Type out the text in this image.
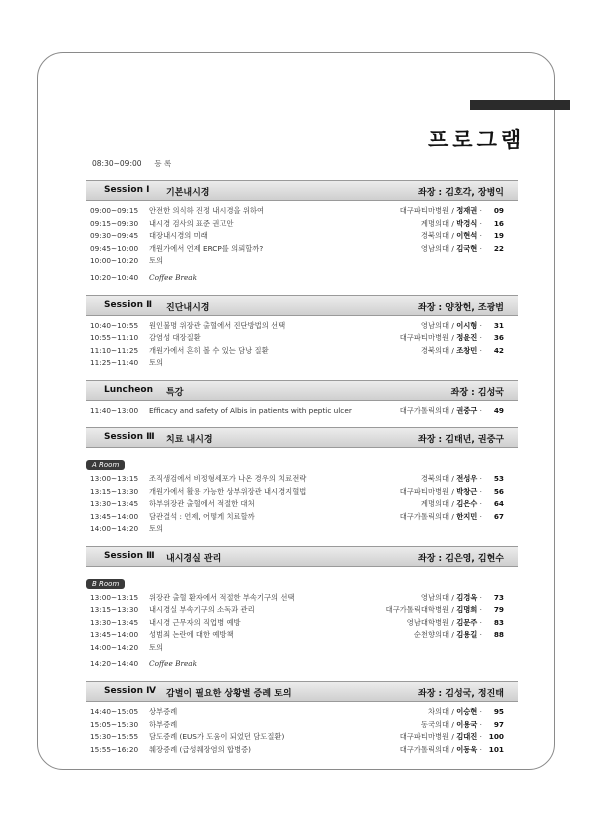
프로그램
08:30~09:00 등 록
Session Ⅰ 기본내시경	좌장 : 김호각, 장병익
09:00~09:15 안전한 의식하 진정 내시경을 위하여	대구파티마병원 / 정재권 · 09
09:15~09:30 내시경 검사의 표준 권고안	계명의대 / 박경식 · 16
09:30~09:45 대장내시경의 미래	경북의대 / 이현석 · 19
09:45~10:00 개원가에서 언제 ERCP를 의뢰할까?	영남의대 / 김국현 · 22
10:00~10:20 토의
10:20~10:40 Coffee Break
Session Ⅱ 진단내시경	좌장 : 양창헌, 조광범
10:40~10:55 원인불명 위장관 출혈에서 진단방법의 선택	영남의대 / 이시형 · 31
10:55~11:10 감염성 대장질환	대구파티마병원 / 정윤진 · 36
11:10~11:25 개원가에서 흔히 볼 수 있는 담낭 질환	경북의대 / 조창민 · 42
11:25~11:40 토의
Luncheon 특강	좌장 : 김성국
11:40~13:00 Efficacy and safety of Albis in patients with peptic ulcer	대구가톨릭의대 / 권중구 · 49
Session Ⅲ 치료 내시경	좌장 : 김태년, 권중구
A Room
13:00~13:15 조직생검에서 비정형세포가 나온 경우의 치료전략	경북의대 / 전성우 · 53
13:15~13:30 개원가에서 활용 가능한 상부위장관 내시경지혈법	대구파티마병원 / 박창근 · 56
13:30~13:45 하부위장관 출혈에서 적절한 대처	계명의대 / 김은수 · 64
13:45~14:00 담관결석 : 언제, 어떻게 치료할까	대구가톨릭의대 / 한지민 · 67
14:00~14:20 토의
Session Ⅲ 내시경실 관리	좌장 : 김은영, 김현수
B Room
13:00~13:15 위장관 출혈 환자에서 적절한 부속기구의 선택	영남의대 / 김경옥 · 73
13:15~13:30 내시경실 부속기구의 소독과 관리	대구가톨릭대학병원 / 김명희 · 79
13:30~13:45 내시경 근무자의 직업병 예방	영남대학병원 / 김문주 · 83
13:45~14:00 성범죄 논란에 대한 예방책	순천향의대 / 김용길 · 88
14:00~14:20 토의
14:20~14:40 Coffee Break
Session Ⅳ 감별이 필요한 상황별 증례 토의	좌장 : 김성국, 정진태
14:40~15:05 상부증례	차의대 / 이승현 · 95
15:05~15:30 하부증례	동국의대 / 이용국 · 97
15:30~15:55 담도증례 (EUS가 도움이 되었던 담도질환)	대구파티마병원 / 김대진 · 100
15:55~16:20 췌장증례 (급성췌장염의 합병증)	대구가톨릭의대 / 이동욱 · 101
